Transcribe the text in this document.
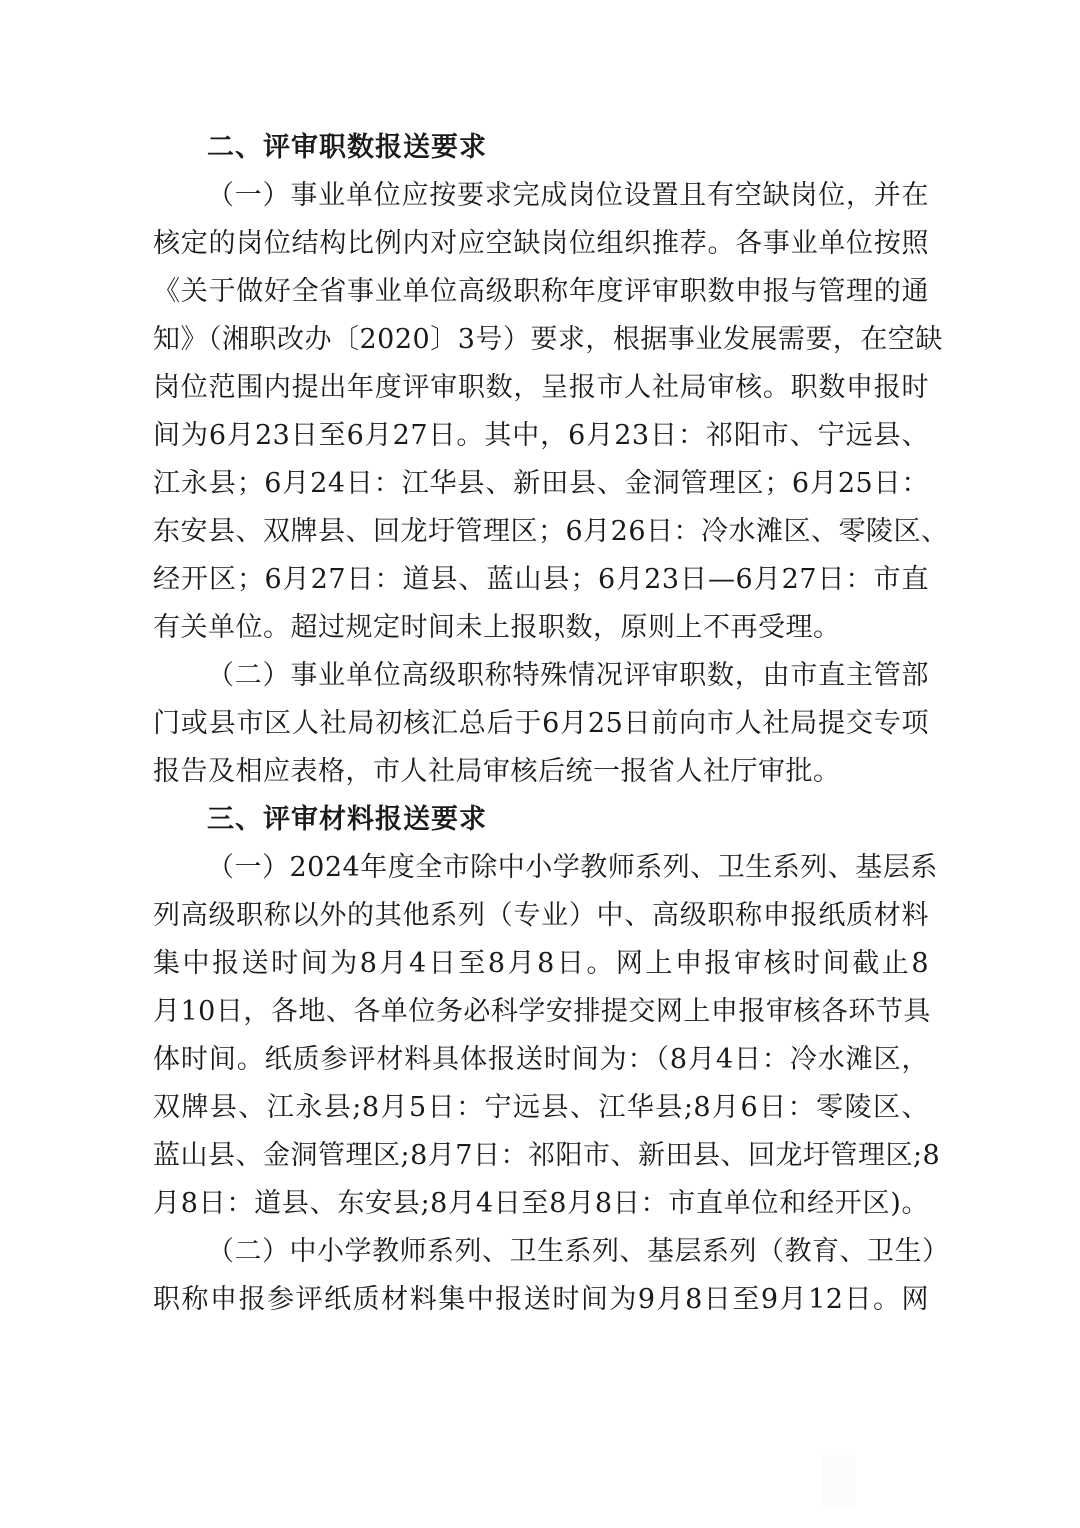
二、评审职数报送要求
（一）事业单位应按要求完成岗位设置且有空缺岗位，并在
核定的岗位结构比例内对应空缺岗位组织推荐。各事业单位按照
《关于做好全省事业单位高级职称年度评审职数申报与管理的通
知》（湘职改办〔2020〕3号）要求，根据事业发展需要，在空缺
岗位范围内提出年度评审职数，呈报市人社局审核。职数申报时
间为6月23日至6月27日。其中，6月23日：祁阳市、宁远县、
江永县；6月24日：江华县、新田县、金洞管理区；6月25日：
东安县、双牌县、回龙圩管理区；6月26日：冷水滩区、零陵区、
经开区；6月27日：道县、蓝山县；6月23日—6月27日：市直
有关单位。超过规定时间未上报职数，原则上不再受理。
（二）事业单位高级职称特殊情况评审职数，由市直主管部
门或县市区人社局初核汇总后于6月25日前向市人社局提交专项
报告及相应表格，市人社局审核后统一报省人社厅审批。
三、评审材料报送要求
（一）2024年度全市除中小学教师系列、卫生系列、基层系
列高级职称以外的其他系列（专业）中、高级职称申报纸质材料
集中报送时间为8月4日至8月8日。网上申报审核时间截止8
月10日，各地、各单位务必科学安排提交网上申报审核各环节具
体时间。纸质参评材料具体报送时间为：（8月4日：冷水滩区，
双牌县、江永县;8月5日：宁远县、江华县;8月6日：零陵区、
蓝山县、金洞管理区;8月7日：祁阳市、新田县、回龙圩管理区;8
月8日：道县、东安县;8月4日至8月8日：市直单位和经开区)。
（二）中小学教师系列、卫生系列、基层系列（教育、卫生）
职称申报参评纸质材料集中报送时间为9月8日至9月12日。网
